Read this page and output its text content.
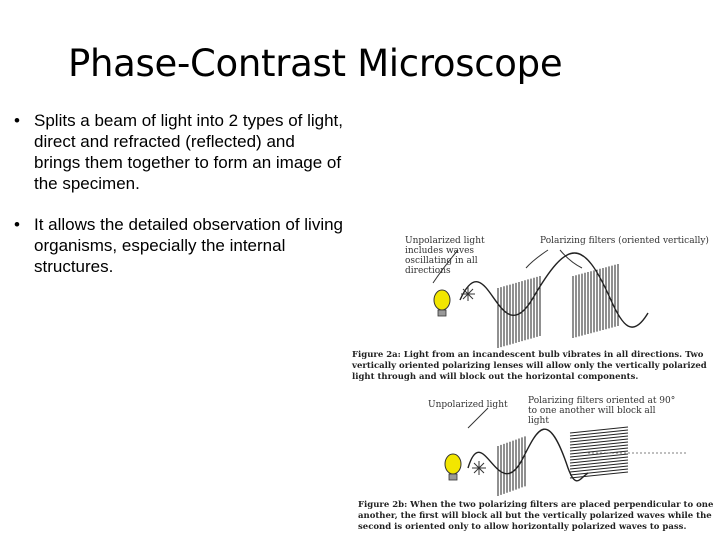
Phase-Contrast Microscope
• Splits a beam of light into 2 types of light, direct and refracted (reflected) and brings them together to form an image of the specimen.
• It allows the detailed observation of living organisms, especially the internal structures.
Unpolarized light includes waves oscillating in all directions
Polarizing filters (oriented vertically)
Figure 2a: Light from an incandescent bulb vibrates in all directions. Two vertically oriented polarizing lenses will allow only the vertically polarized light through and will block out the horizontal components.
Unpolarized light	Polarizing filters oriented at 90° to one another will block all light
Figure 2b: When the two polarizing filters are placed perpendicular to one another, the first will block all but the vertically polarized waves while the second is oriented only to allow horizontally polarized waves to pass.
